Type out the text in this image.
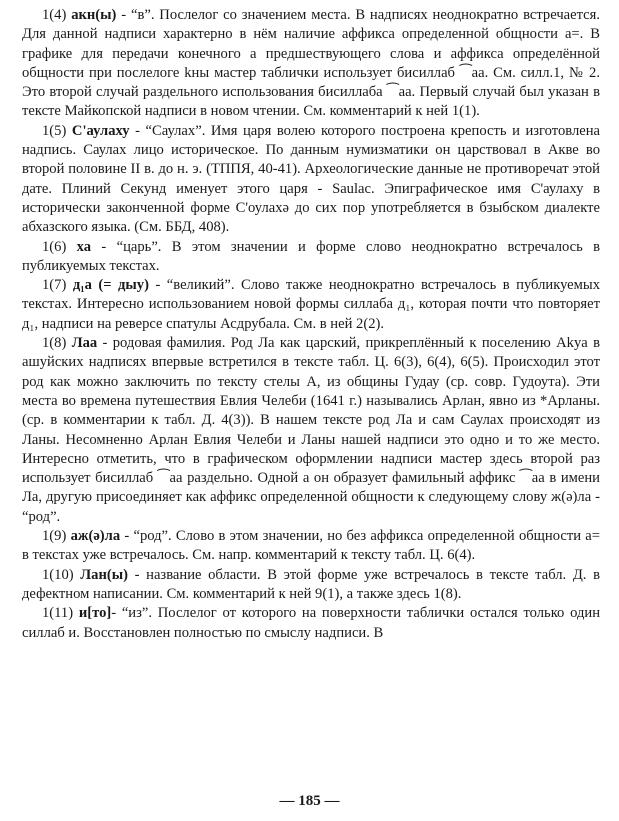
1(4) акн(ы) - “в”. Послелог со значением места. В надписях неоднократно встречается. Для данной надписи характерно в нём наличие аффикса определенной общности а=. В графике для передачи конечного а предшествующего слова и аффикса определённой общности при послелоге kны мастер таблички использует бисиллаб ⁀аа. См. силл.1, № 2. Это второй случай раздельного использования бисиллаба ⁀аа. Первый случай был указан в тексте Майкопской надписи в новом чтении. См. комментарий к ней 1(1).

1(5) С'аулаху - “Саулах”. Имя царя волею которого построена крепость и изготовлена надпись. Саулах лицо историческое. По данным нумизматики он царствовал в Акве во второй половине II в. до н. э. (ТППЯ, 40-41). Археологические данные не противоречат этой дате. Плиний Секунд именует этого царя - Saulac. Эпиграфическое имя С'аулаху в исторически законченной форме С'оулахә до сих пор употребляется в бзыбском диалекте абхазского языка. (См. ББД, 408).

1(6) ха - “царь”. В этом значении и форме слово неоднократно встречалось в публикуемых текстах.

1(7) д₁а (= дыу) - “великий”. Слово также неоднократно встречалось в публикуемых текстах. Интересно использованием новой формы силлаба д₁, которая почти что повторяет д₁, надписи на реверсе спатулы Асдрубала. См. в ней 2(2).

1(8) Лаа - родовая фамилия. Род Ла как царский, прикреплённый к поселению Akya в ашуйских надписях впервые встретился в тексте табл. Ц. 6(3), 6(4), 6(5). Происходил этот род как можно заключить по тексту стелы А, из общины Гудау (ср. совр. Гудоута). Эти места во времена путешествия Евлия Челеби (1641 г.) назывались Арлан, явно из *Арланы. (ср. в комментарии к табл. Д. 4(3)). В нашем тексте род Ла и сам Саулах происходят из Ланы. Несомненно Арлан Евлия Челеби и Ланы нашей надписи это одно и то же место. Интересно отметить, что в графическом оформлении надписи мастер здесь второй раз использует бисиллаб ⁀аа раздельно. Одной а он образует фамильный аффикс ⁀аа в имени Ла, другую присоединяет как аффикс определенной общности к следующему слову ж(ә)ла - “род”.

1(9) аж(ә)ла - “род”. Слово в этом значении, но без аффикса определенной общности а= в текстах уже встречалось. См. напр. комментарий к тексту табл. Ц. 6(4).

1(10) Лан(ы) - название области. В этой форме уже встречалось в тексте табл. Д. в дефектном написании. См. комментарий к ней 9(1), а также здесь 1(8).

1(11) и[то]- “из”. Послелог от которого на поверхности таблички остался только один силлаб и. Восстановлен полностью по смыслу надписи. В

— 185 —
